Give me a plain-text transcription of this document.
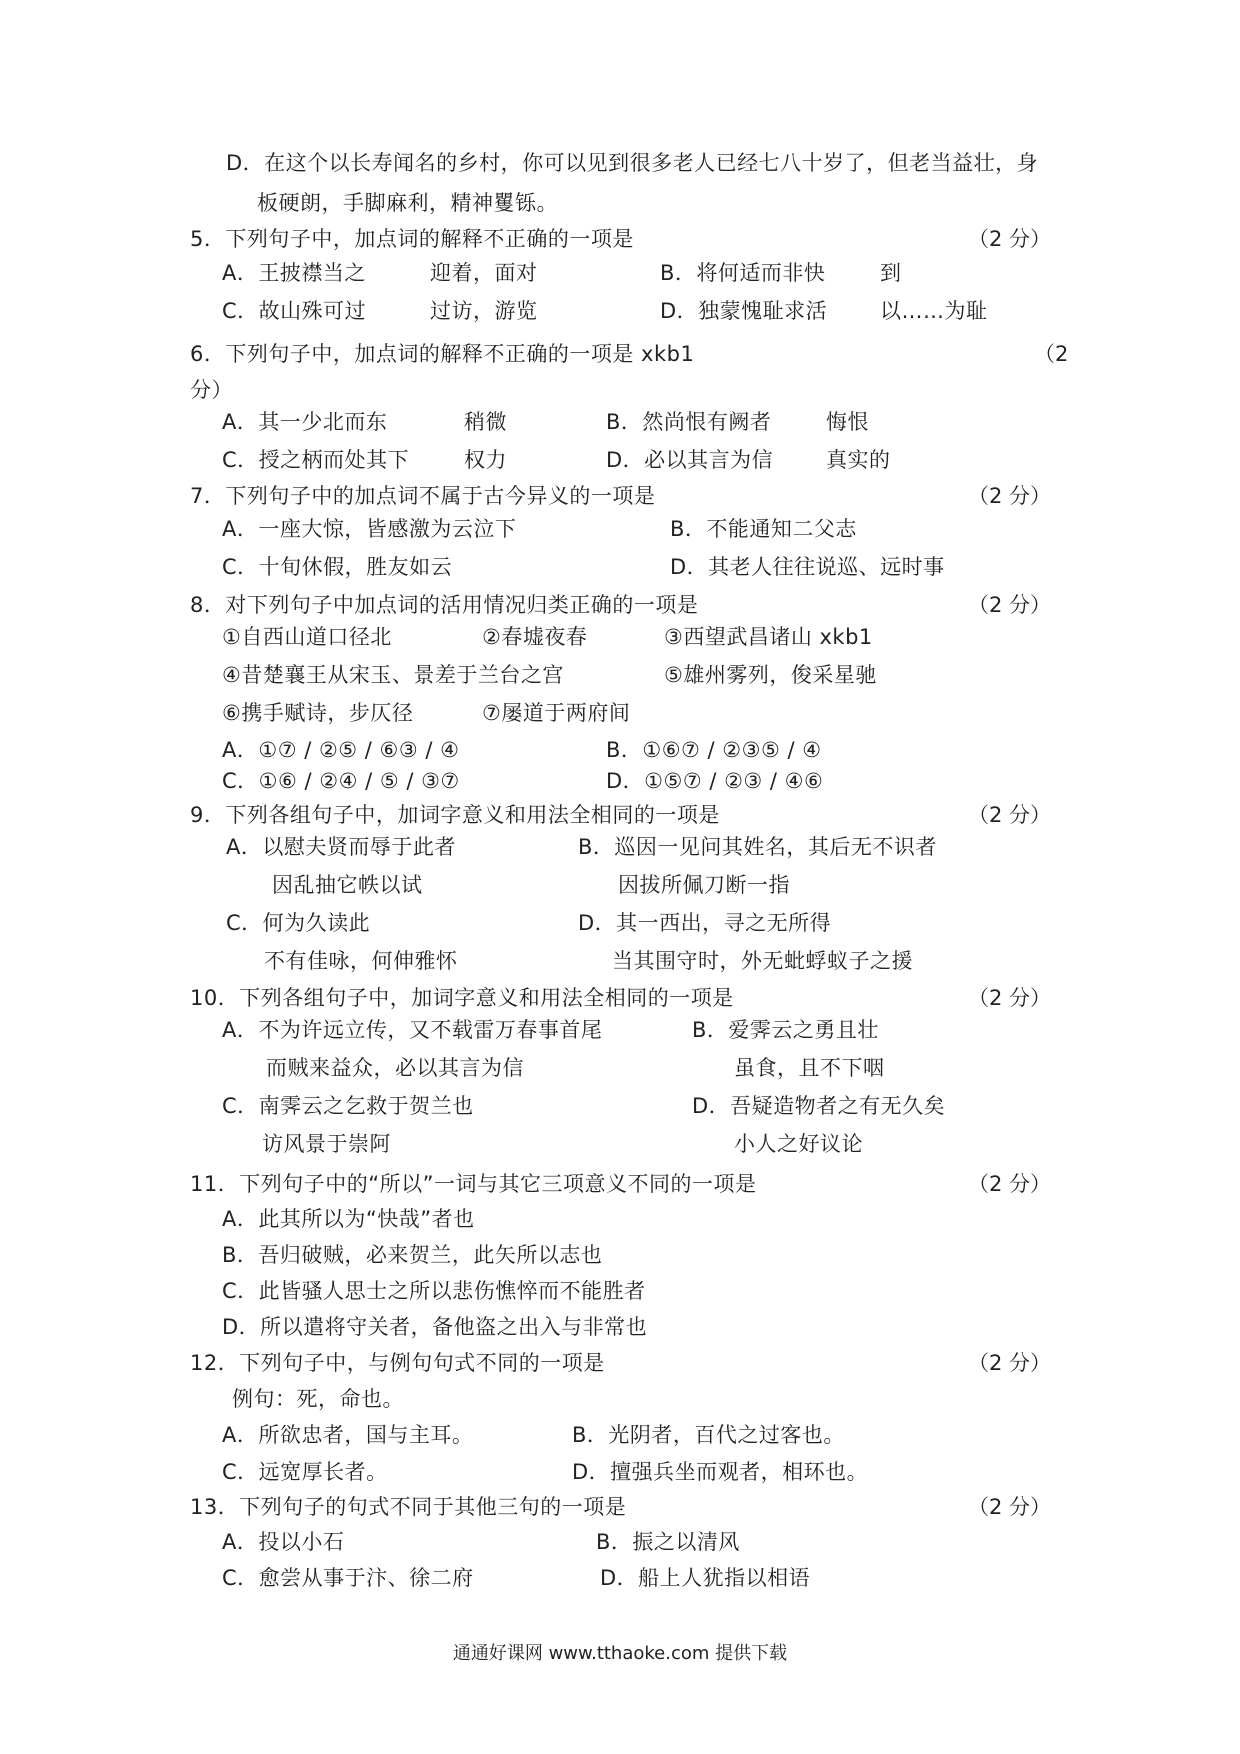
D．在这个以长寿闻名的乡村，你可以见到很多老人已经七八十岁了，但老当益壮，身
板硬朗，手脚麻利，精神矍铄。
5．下列句子中，加点词的解释不正确的一项是	（2 分）
A．王披襟当之	迎着，面对	B．将何适而非快	到
C．故山殊可过	过访，游览	D．独蒙愧耻求活	以……为耻
6．下列句子中，加点词的解释不正确的一项是 xkb1	（2
分）
A．其一少北而东	稍微	B．然尚恨有阙者	悔恨
C．授之柄而处其下	权力	D．必以其言为信	真实的
7．下列句子中的加点词不属于古今异义的一项是	（2 分）
A．一座大惊，皆感激为云泣下	B．不能通知二父志
C．十旬休假，胜友如云	D．其老人往往说巡、远时事
8．对下列句子中加点词的活用情况归类正确的一项是	（2 分）
①自西山道口径北	②春墟夜春	③西望武昌诸山 xkb1
④昔楚襄王从宋玉、景差于兰台之宫	⑤雄州雾列，俊采星驰
⑥携手赋诗，步仄径	⑦屡道于两府间
A．①⑦ / ②⑤ / ⑥③ / ④	B．①⑥⑦ / ②③⑤ / ④
C．①⑥ / ②④ / ⑤ / ③⑦	D．①⑤⑦ / ②③ / ④⑥
9．下列各组句子中，加词字意义和用法全相同的一项是	（2 分）
A．以慰夫贤而辱于此者
因乱抽它帙以试
B．巡因一见问其姓名，其后无不识者
因拔所佩刀断一指
C．何为久读此
不有佳咏，何伸雅怀
D．其一西出，寻之无所得
当其围守时，外无蚍蜉蚁子之援
10．下列各组句子中，加词字意义和用法全相同的一项是	（2 分）
A．不为许远立传，又不载雷万春事首尾
而贼来益众，必以其言为信
B．爱霁云之勇且壮
虽食，且不下咽
C．南霁云之乞救于贺兰也
访风景于崇阿
D．吾疑造物者之有无久矣
小人之好议论
11．下列句子中的“所以”一词与其它三项意义不同的一项是	（2 分）
A．此其所以为“快哉”者也
B．吾归破贼，必来贺兰，此矢所以志也
C．此皆骚人思士之所以悲伤憔悴而不能胜者
D．所以遣将守关者，备他盗之出入与非常也
12．下列句子中，与例句句式不同的一项是	（2 分）
例句：死，命也。
A．所欲忠者，国与主耳。	B．光阴者，百代之过客也。
C．远宽厚长者。	D．擅强兵坐而观者，相环也。
13．下列句子的句式不同于其他三句的一项是	（2 分）
A．投以小石	B．振之以清风
C．愈尝从事于汴、徐二府	D．船上人犹指以相语
通通好课网 www.tthaoke.com 提供下载
